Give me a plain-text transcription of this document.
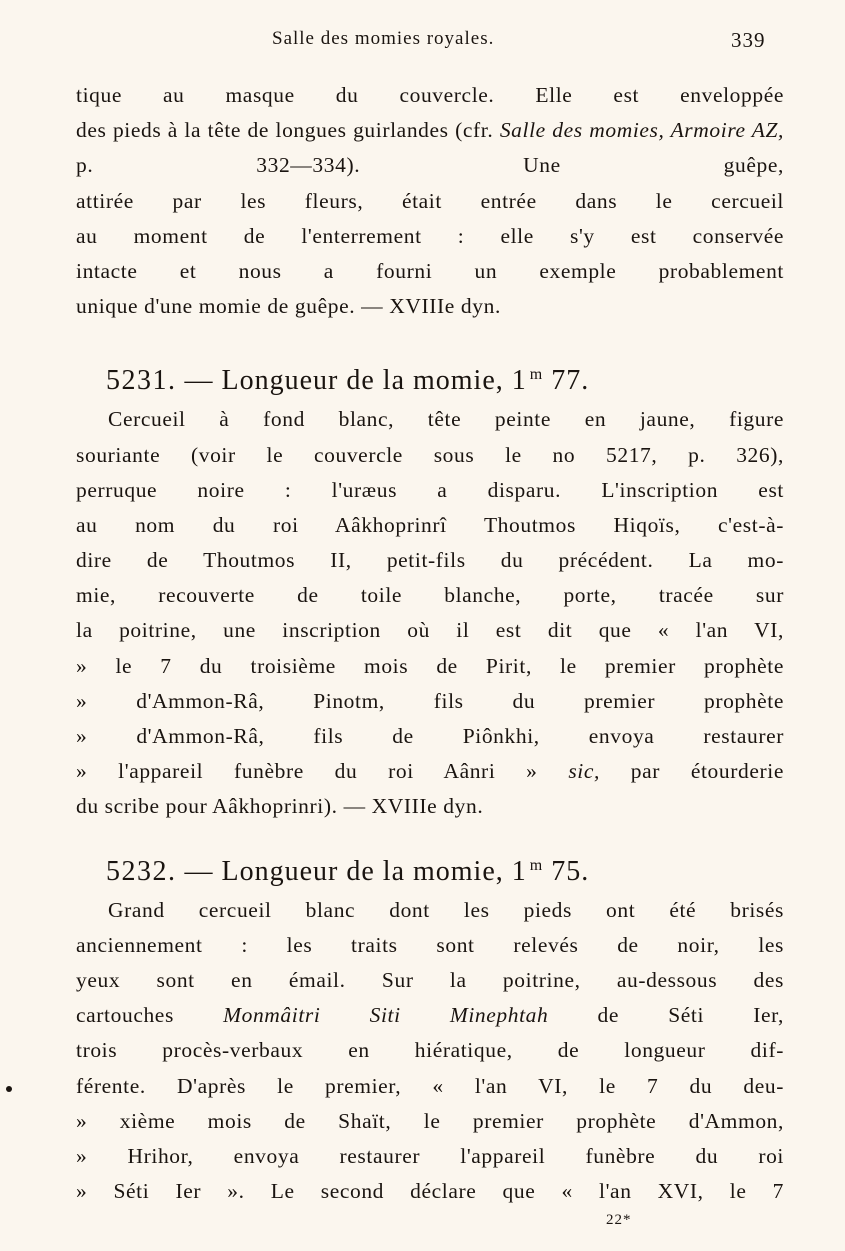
Salle des momies royales.	339
tique au masque du couvercle. Elle est enveloppée
des pieds à la tête de longues guirlandes (cfr. Salle des momies, Armoire AZ,
p. 332—334). Une guêpe,
attirée par les fleurs, était entrée dans le cercueil
au moment de l'enterrement : elle s'y est conservée
intacte et nous a fourni un exemple probablement
unique d'une momie de guêpe. — XVIIIe dyn.
5231. — Longueur de la momie, 1 $^m$ 77.
Cercueil à fond blanc, tête peinte en jaune, figure
souriante (voir le couvercle sous le no 5217, p. 326),
perruque noire : l'uræus a disparu. L'inscription est
au nom du roi Aâkhoprinrî Thoutmos Hiqoïs, c'est-à-
dire de Thoutmos II, petit-fils du précédent. La mo-
mie, recouverte de toile blanche, porte, tracée sur
la poitrine, une inscription où il est dit que « l'an VI,
» le 7 du troisième mois de Pirit, le premier prophète
» d'Ammon-Râ, Pinotm, fils du premier prophète
» d'Ammon-Râ, fils de Piônkhi, envoya restaurer
» l'appareil funèbre du roi Aânri » sic, par étourderie
du scribe pour Aâkhoprinri). — XVIIIe dyn.
5232. — Longueur de la momie, 1 $^m$ 75.
Grand cercueil blanc dont les pieds ont été brisés
anciennement : les traits sont relevés de noir, les
yeux sont en émail. Sur la poitrine, au-dessous des
cartouches Monmâitri Siti Minephtah de Séti Ier,
trois procès-verbaux en hiératique, de longueur dif-
férente. D'après le premier, « l'an VI, le 7 du deu-
» xième mois de Shaït, le premier prophète d'Ammon,
» Hrihor, envoya restaurer l'appareil funèbre du roi
» Séti Ier ». Le second déclare que « l'an XVI, le 7
22*
